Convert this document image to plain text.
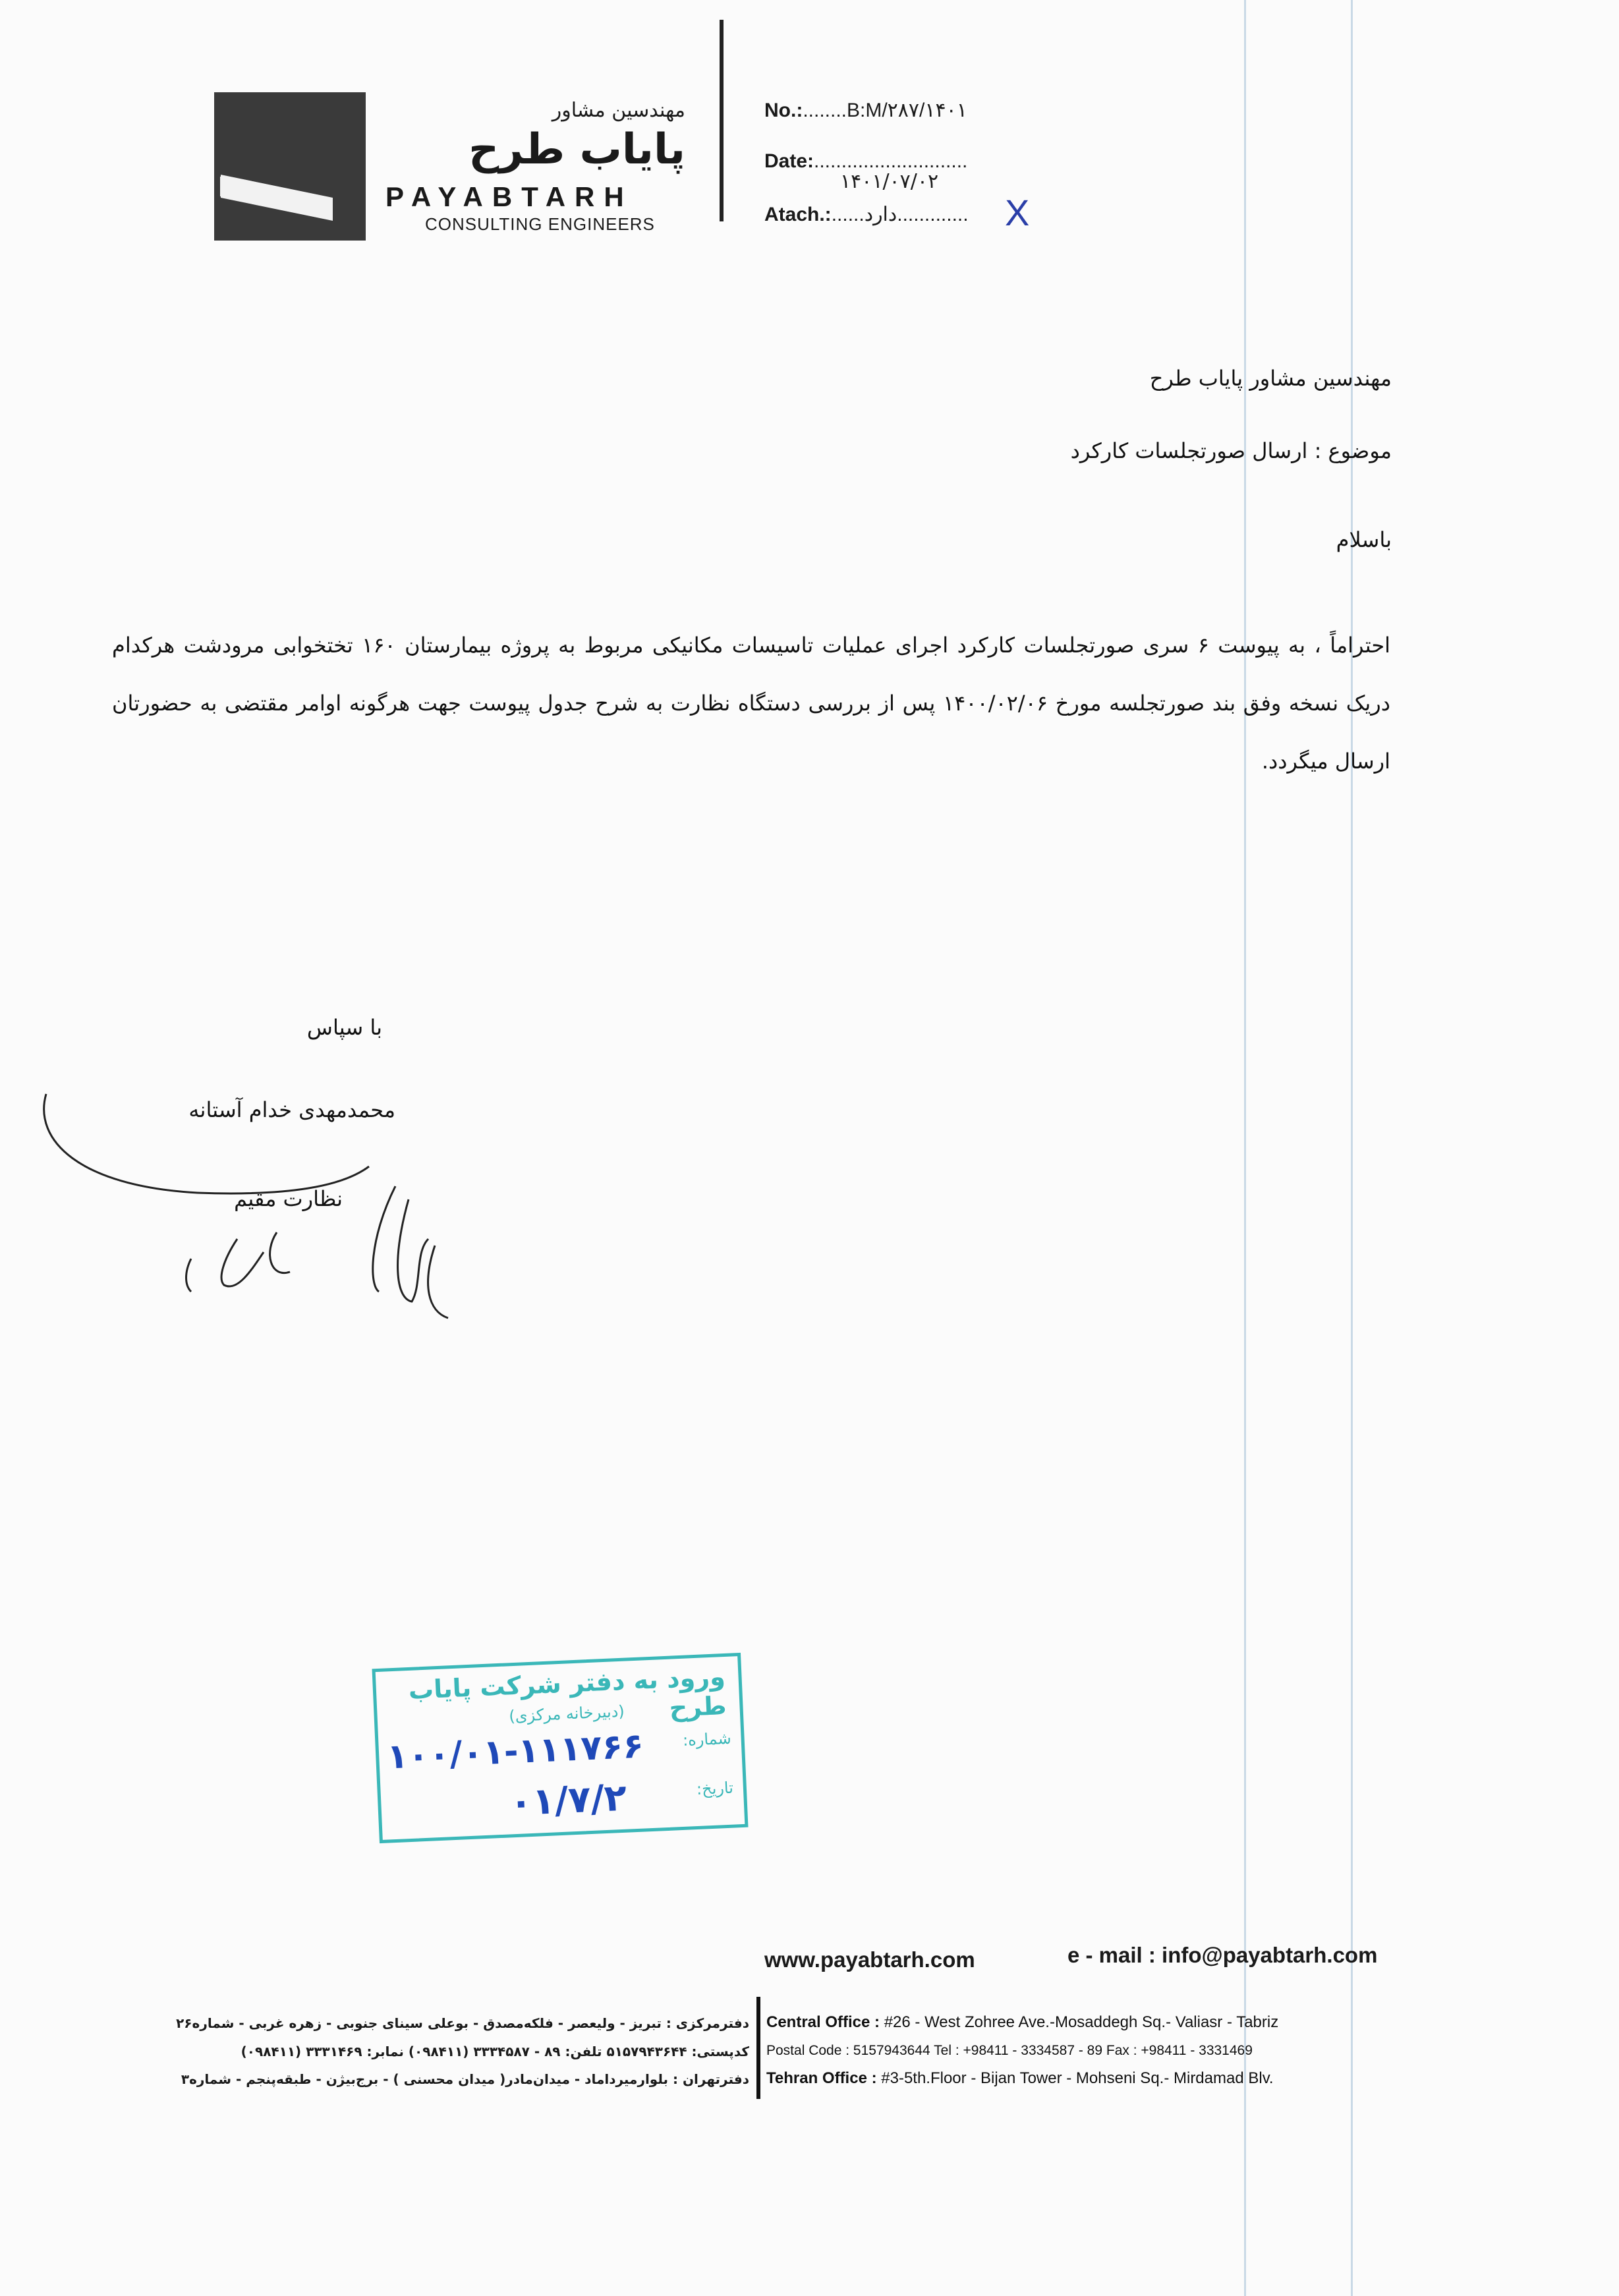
مهندسین مشاور
پایاب طرح
PAYABTARH
CONSULTING ENGINEERS
No.:........B:M/۲۸۷/۱۴۰۱
Date:............................
۱۴۰۱/۰۷/۰۲
Atach.:......دارد............. X
مهندسین مشاور پایاب طرح
موضوع : ارسال صورتجلسات کارکرد
باسلام
احتراماً ، به پیوست ۶ سری صورتجلسات کارکرد اجرای عملیات تاسیسات مکانیکی مربوط به پروژه بیمارستان ۱۶۰ تختخوابی مرودشت هرکدام دریک نسخه وفق بند صورتجلسه مورخ ۱۴۰۰/۰۲/۰۶ پس از بررسی دستگاه نظارت به شرح جدول پیوست جهت هرگونه اوامر مقتضی به حضورتان ارسال میگردد.
با سپاس
محمدمهدی خدام آستانه
نظارت مقیم
ورود به دفتر شرکت پایاب طرح
(دبیرخانه مرکزی)
شماره:
تاریخ:
۱۰۰/۰۱-۱۱۱۷۶۶
۰۱/۷/۲
www.payabtarh.com	e - mail : info@payabtarh.com
Central Office : #26 - West Zohree Ave.-Mosaddegh Sq.- Valiasr - Tabriz
Postal Code : 5157943644 Tel : +98411 - 3334587 - 89 Fax : +98411 - 3331469
Tehran Office : #3-5th.Floor - Bijan Tower - Mohseni Sq.- Mirdamad Blv.
دفترمرکزی : تبریز - ولیعصر - فلکه‌مصدق - بوعلی سینای جنوبی - زهره غربی - شماره۲۶
کدپستی: ۵۱۵۷۹۴۳۶۴۴ تلفن: ۸۹ - ۳۳۳۴۵۸۷ (۰۹۸۴۱۱) نمابر: ۳۳۳۱۴۶۹ (۰۹۸۴۱۱)
دفترتهران : بلوارمیرداماد - میدان‌مادر( میدان محسنی ) - برج‌بیژن - طبقه‌پنجم - شماره۳
